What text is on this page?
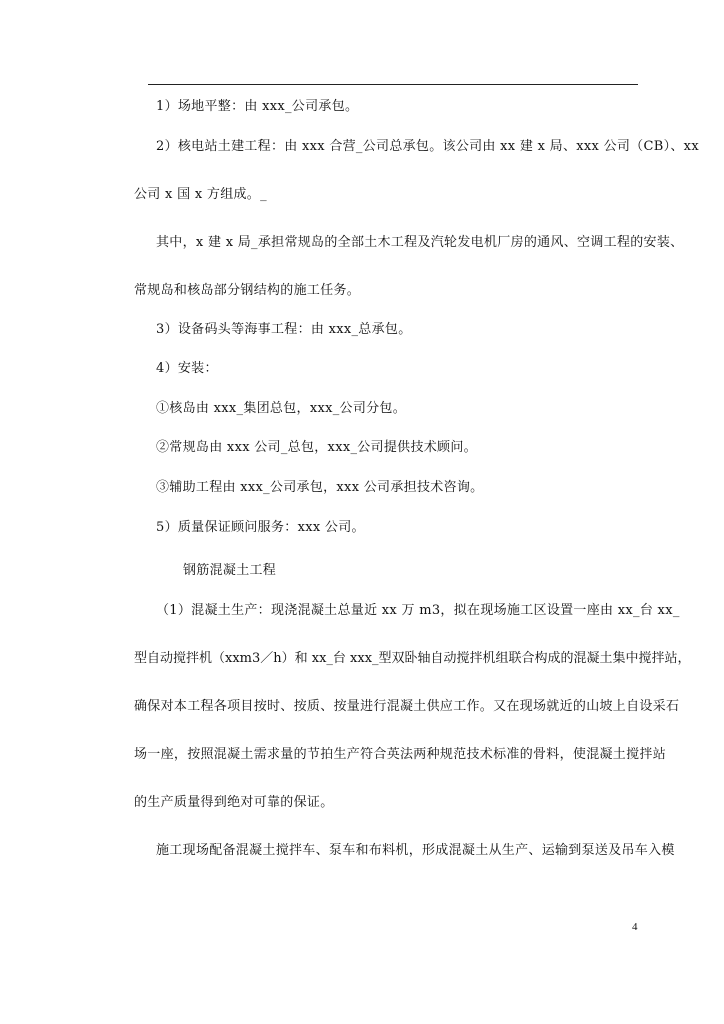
1）场地平整：由 xxx_公司承包。
2）核电站土建工程：由 xxx 合营_公司总承包。该公司由 xx 建 x 局、xxx 公司（CB）、xx
公司 x 国 x 方组成。_
其中，x 建 x 局_承担常规岛的全部土木工程及汽轮发电机厂房的通风、空调工程的安装、
常规岛和核岛部分钢结构的施工任务。
3）设备码头等海事工程：由 xxx_总承包。
4）安装：
①核岛由 xxx_集团总包，xxx_公司分包。
②常规岛由 xxx 公司_总包，xxx_公司提供技术顾问。
③辅助工程由 xxx_公司承包，xxx 公司承担技术咨询。
5）质量保证顾问服务：xxx 公司。
钢筋混凝土工程
（1）混凝土生产：现浇混凝土总量近 xx 万 m3，拟在现场施工区设置一座由 xx_台 xx_
型自动搅拌机（xxm3／h）和 xx_台 xxx_型双卧轴自动搅拌机组联合构成的混凝土集中搅拌站，
确保对本工程各项目按时、按质、按量进行混凝土供应工作。又在现场就近的山坡上自设采石
场一座，按照混凝土需求量的节拍生产符合英法两种规范技术标准的骨料，使混凝土搅拌站
的生产质量得到绝对可靠的保证。
施工现场配备混凝土搅拌车、泵车和布料机，形成混凝土从生产、运输到泵送及吊车入模
4
